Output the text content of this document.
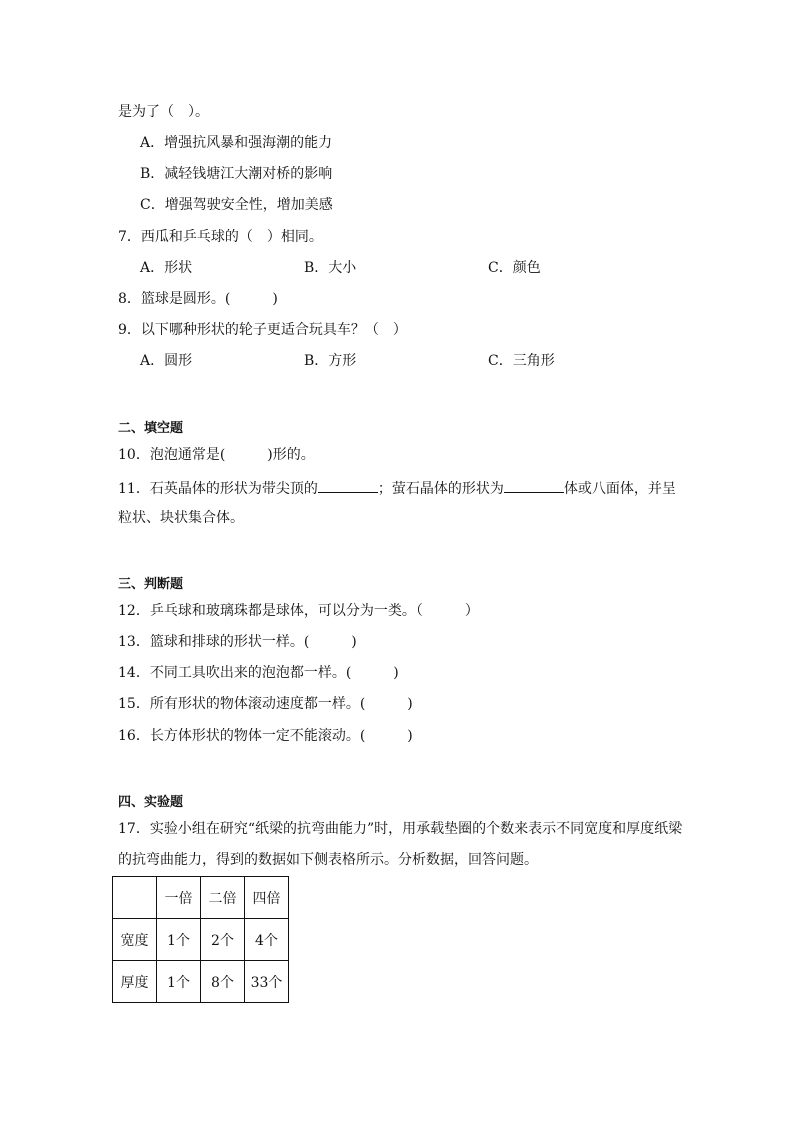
是为了（　）。
A．增强抗风暴和强海潮的能力
B．减轻钱塘江大潮对桥的影响
C．增强驾驶安全性，增加美感
7．西瓜和乒乓球的（　）相同。
A．形状	B．大小	C．颜色
8．篮球是圆形。(　　　)
9．以下哪种形状的轮子更适合玩具车？（　）
A．圆形	B．方形	C．三角形
二、填空题
10．泡泡通常是(　　　)形的。
11．石英晶体的形状为带尖顶的	；萤石晶体的形状为	体或八面体，并呈
粒状、块状集合体。
三、判断题
12．乒乓球和玻璃珠都是球体，可以分为一类。（　　　）
13．篮球和排球的形状一样。(　　　)
14．不同工具吹出来的泡泡都一样。(　　　)
15．所有形状的物体滚动速度都一样。(　　　)
16．长方体形状的物体一定不能滚动。(　　　)
四、实验题
17．实验小组在研究“纸梁的抗弯曲能力”时，用承载垫圈的个数来表示不同宽度和厚度纸梁
的抗弯曲能力，得到的数据如下侧表格所示。分析数据，回答问题。
	一倍	二倍	四倍
宽度	1个	2个	4个
厚度	1个	8个	33个
